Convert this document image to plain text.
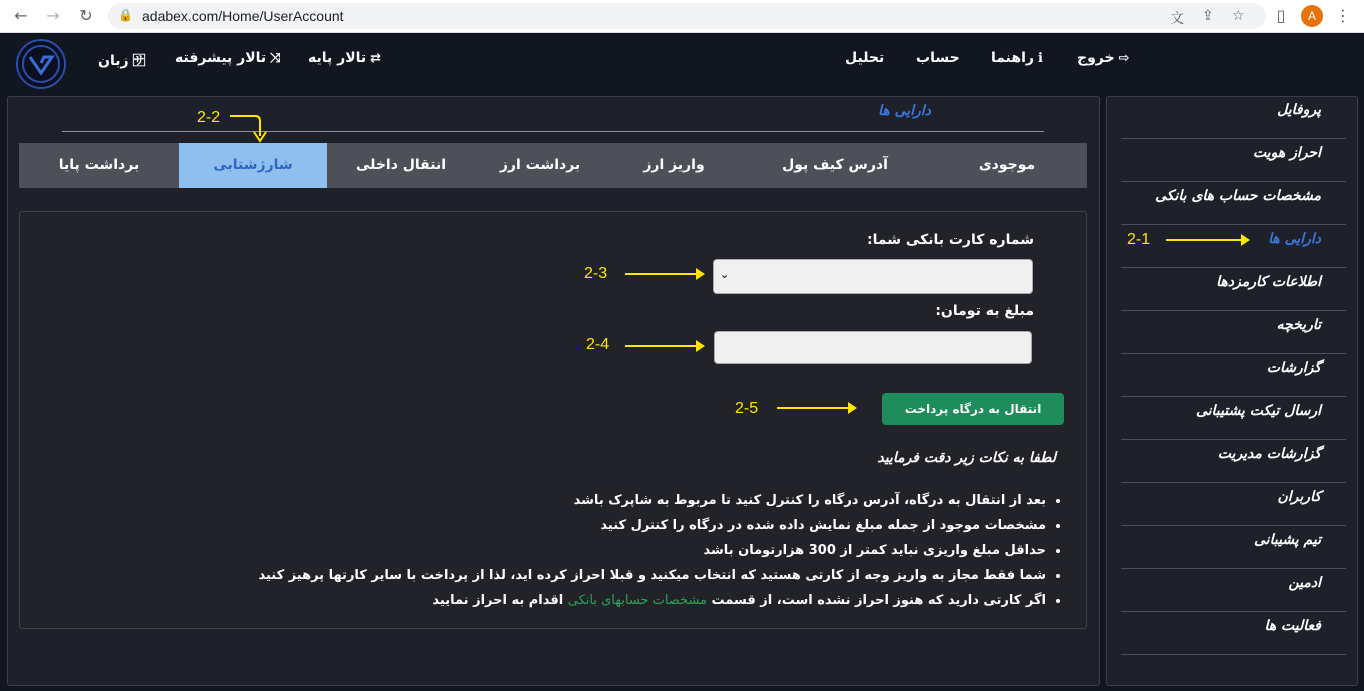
← → ↻	🔒 adabex.com/Home/UserAccount	文 ⇪ ☆	▯	A	⋮
⇨خروج
ℹراهنما
حساب
تحلیل
⇄تالار پایه
⤨تالار پیشرفته
🈂زبان
دارایی ها
موجودی
آدرس کیف پول
واریز ارز
برداشت ارز
انتقال داخلی
شارژشتابی
برداشت پایا
شماره کارت بانکی شما:
⌄
مبلغ به تومان:
انتقال به درگاه پرداخت
لطفا به نکات زیر دقت فرمایید
• بعد از انتقال به درگاه، آدرس درگاه را کنترل کنید تا مربوط به شاپرک باشد
• مشخصات موجود از جمله مبلغ نمایش داده شده در درگاه را کنترل کنید
• حداقل مبلغ واریزی نباید کمتر از 300 هزارتومان باشد
• شما فقط مجاز به واریز وجه از کارتی هستید که انتخاب میکنید و قبلا احراز کرده اید، لذا از پرداخت با سایر کارتها پرهیز کنید
• اگر کارتی دارید که هنوز احراز نشده است، از قسمت مشخصات حسابهای بانکی اقدام به احراز نمایید
پروفایل
احراز هویت
مشخصات حساب های بانکی
دارایی ها
اطلاعات کارمزدها
تاریخچه
گزارشات
ارسال تیکت پشتیبانی
گزارشات مدیریت
کاربران
تیم پشیبانی
ادمین
فعالیت ها
2-2
2-1
2-3
2-4
2-5
